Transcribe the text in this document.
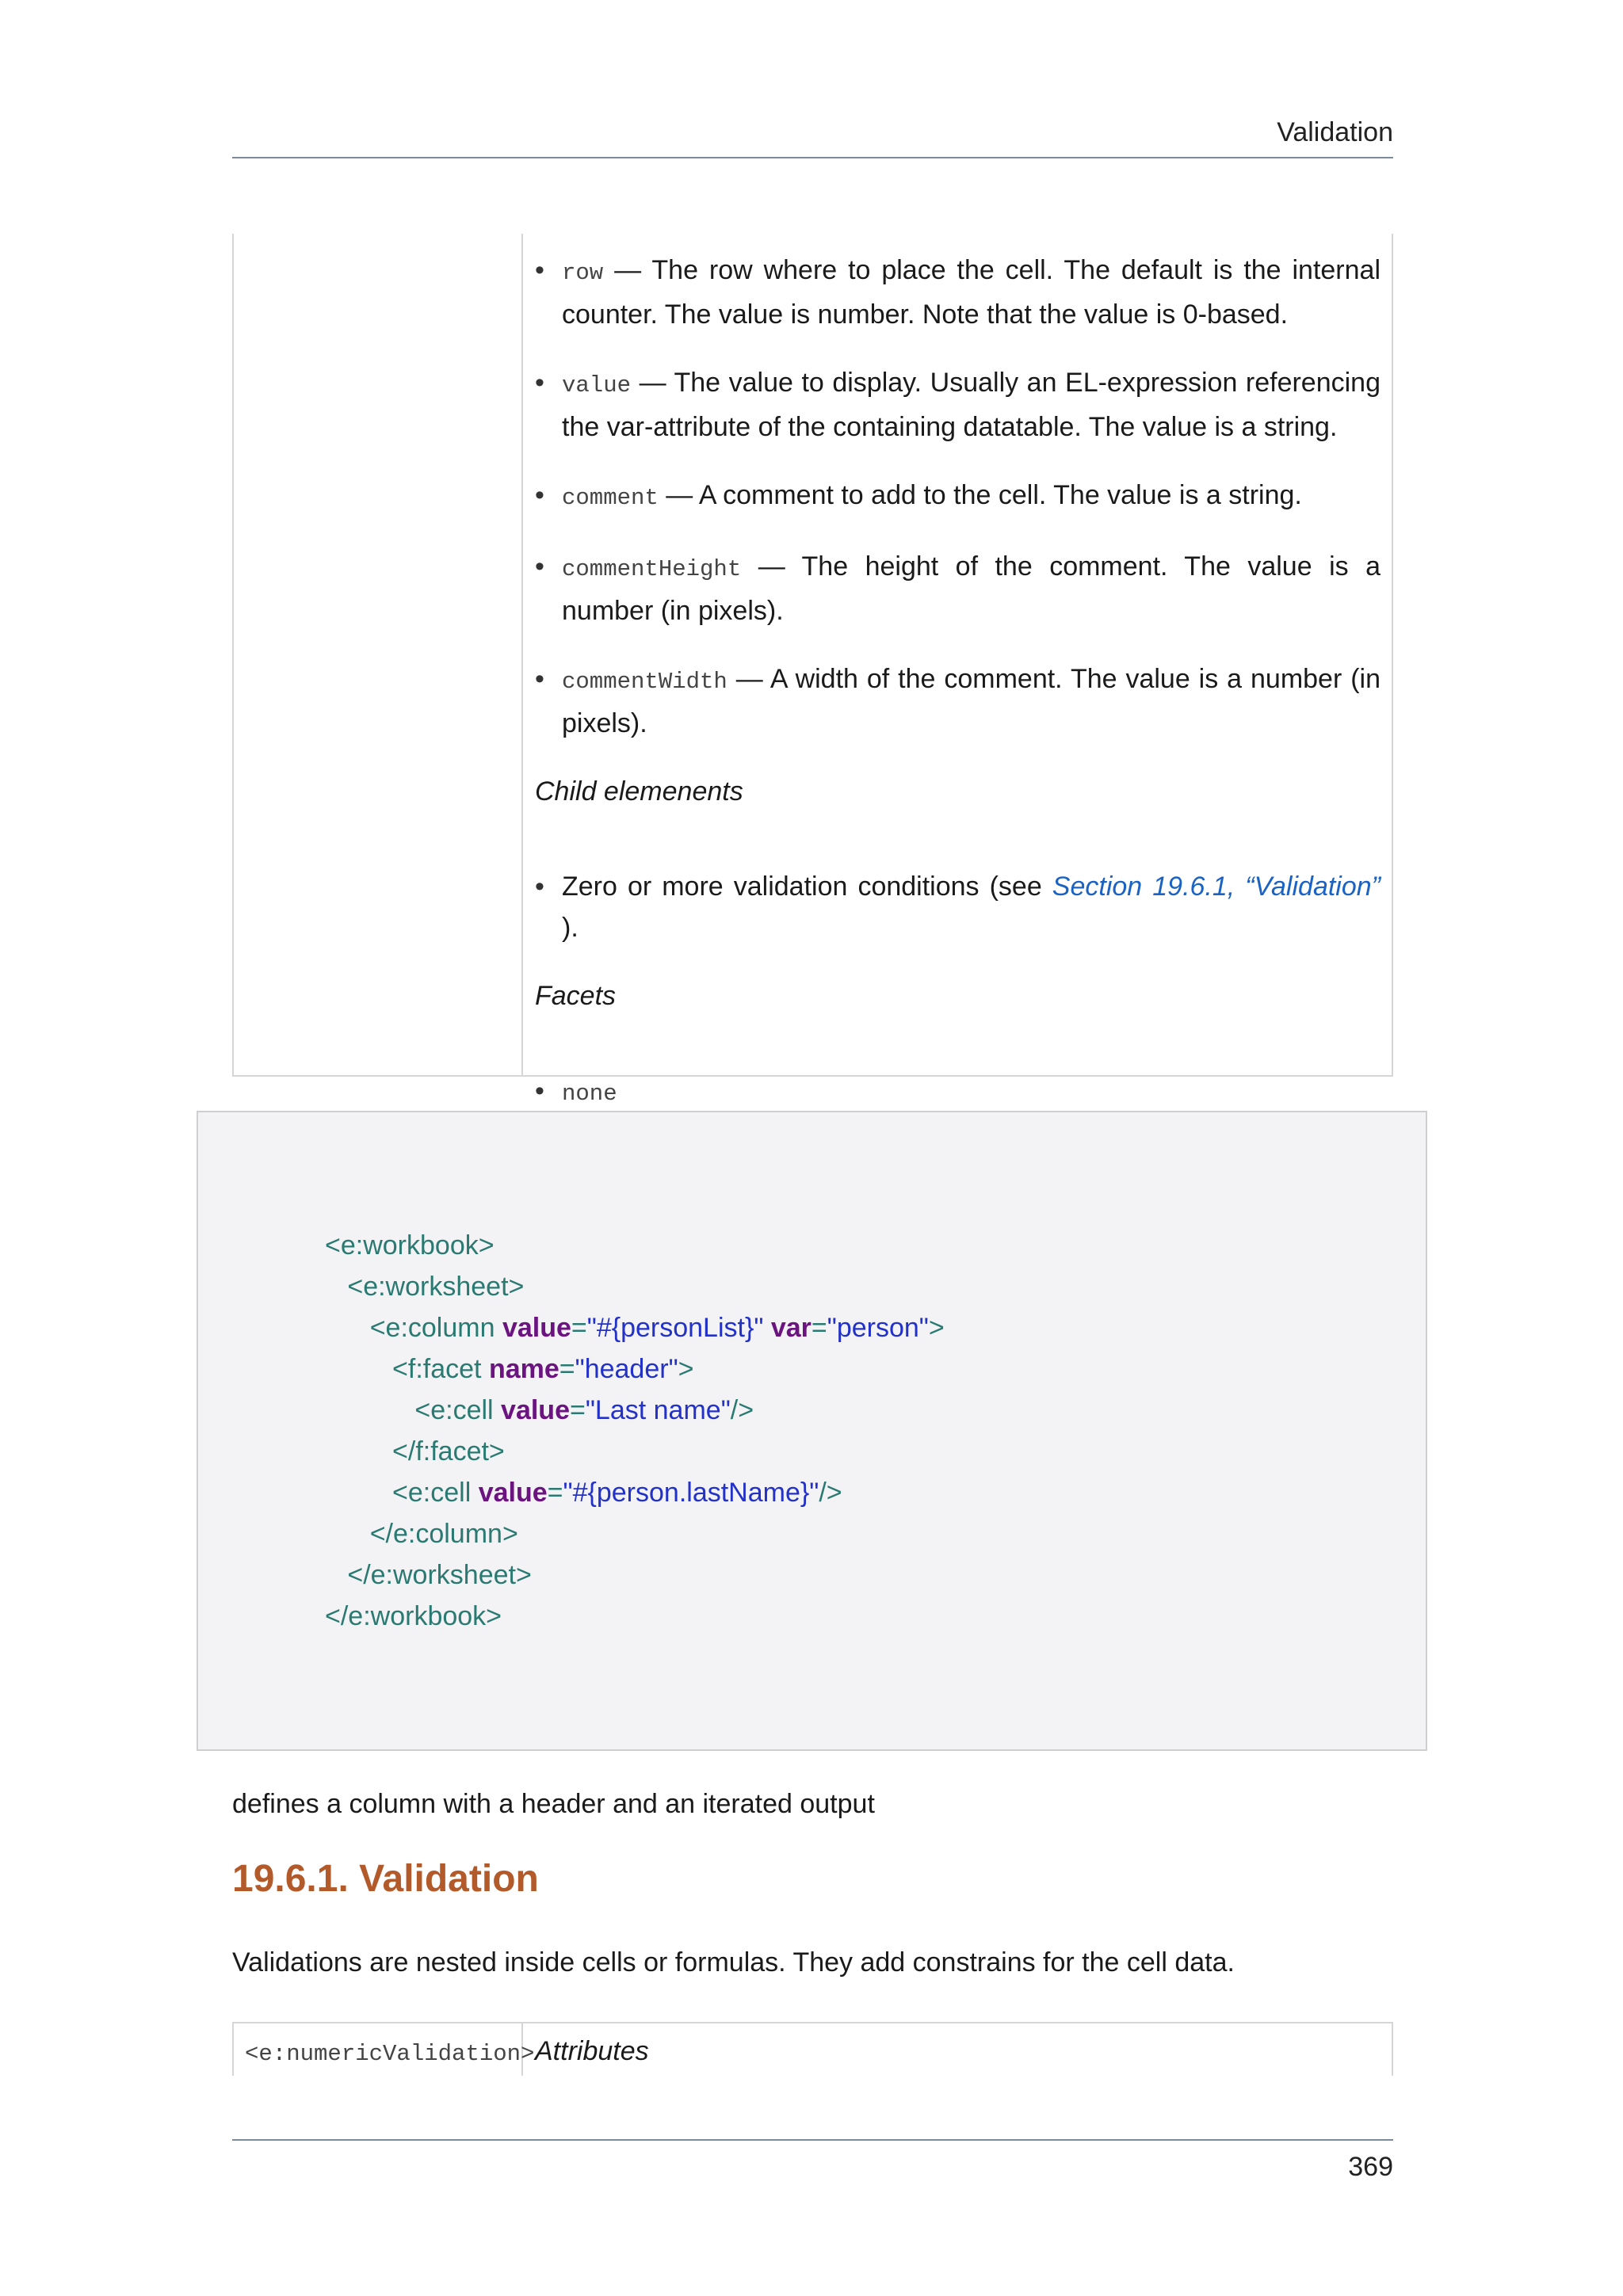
Validation
• row — The row where to place the cell. The default is the internal counter. The value is number. Note that the value is 0-based.
• value — The value to display. Usually an EL-expression referencing the var-attribute of the containing datatable. The value is a string.
• comment — A comment to add to the cell. The value is a string.
• commentHeight — The height of the comment. The value is a number (in pixels).
• commentWidth — A width of the comment. The value is a number (in pixels).
Child elemenents
• Zero or more validation conditions (see Section 19.6.1, “Validation” ).
Facets
• none
<e:workbook>
<e:worksheet>
<e:column value="#{personList}" var="person">
<f:facet name="header">
<e:cell value="Last name"/>
</f:facet>
<e:cell value="#{person.lastName}"/>
</e:column>
</e:worksheet>
</e:workbook>
defines a column with a header and an iterated output
19.6.1. Validation
Validations are nested inside cells or formulas. They add constrains for the cell data.
<e:numericValidation> Attributes
369
